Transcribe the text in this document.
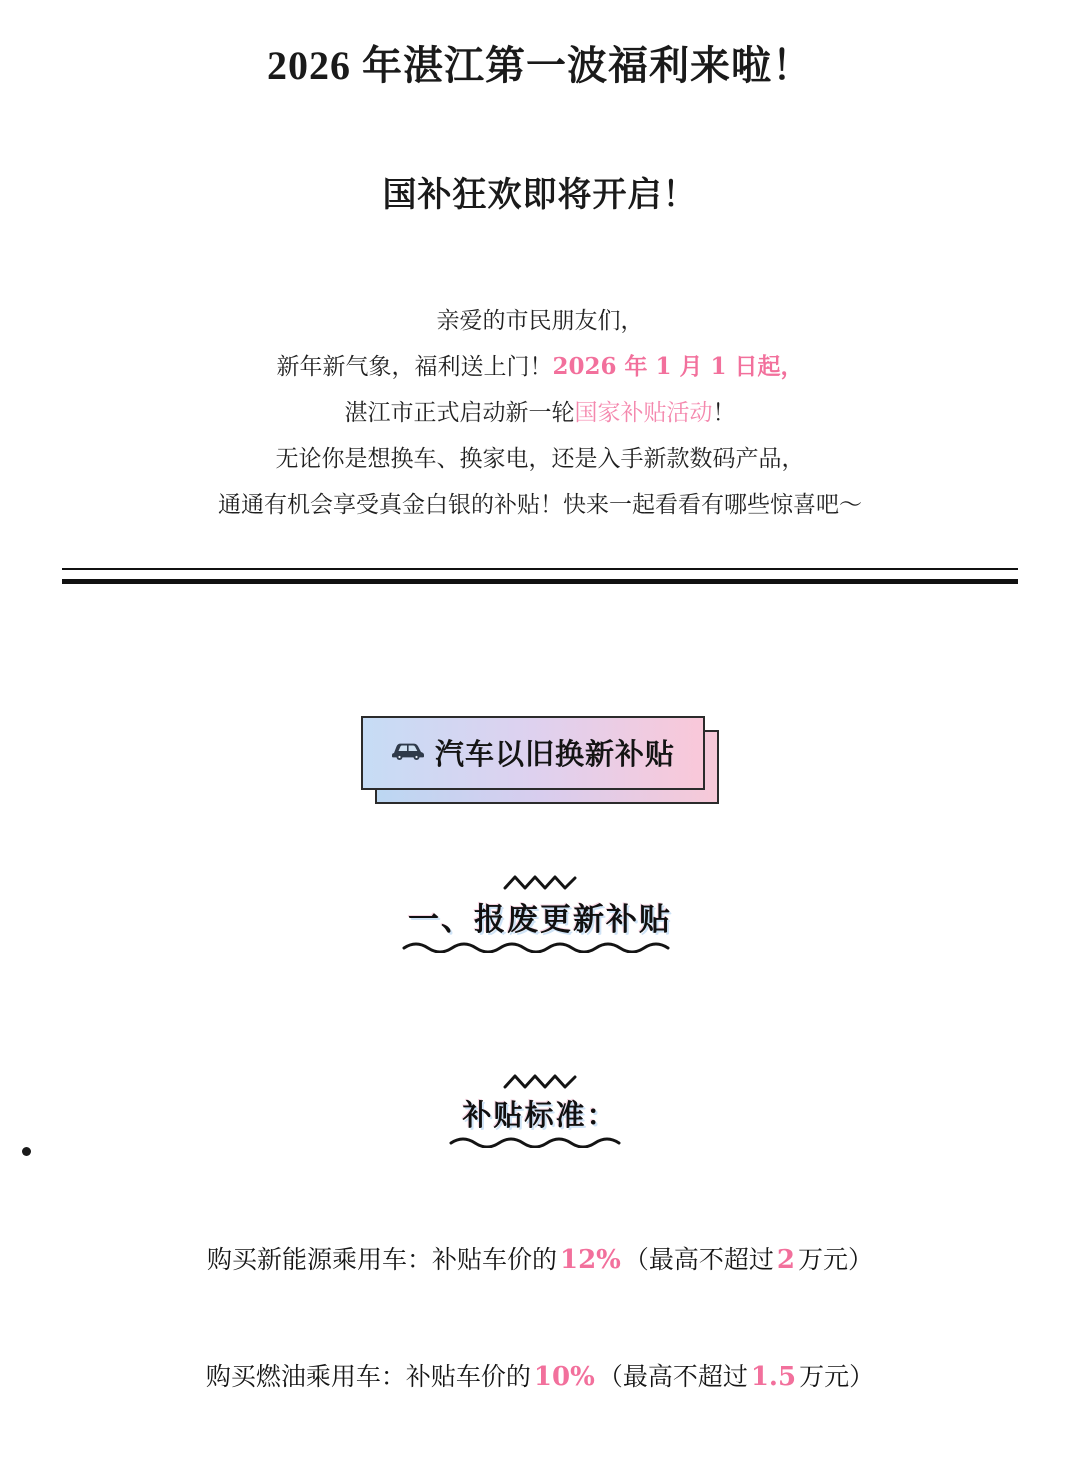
2026 年湛江第一波福利来啦！
国补狂欢即将开启！
亲爱的市民朋友们，
新年新气象，福利送上门！2026 年 1 月 1 日起，
湛江市正式启动新一轮国家补贴活动！
无论你是想换车、换家电，还是入手新款数码产品，
通通有机会享受真金白银的补贴！快来一起看看有哪些惊喜吧～
汽车以旧换新补贴
一、报废更新补贴
补贴标准：
购买新能源乘用车：补贴车价的 12% （最高不超过 2 万元）
购买燃油乘用车：补贴车价的 10% （最高不超过 1.5 万元）
